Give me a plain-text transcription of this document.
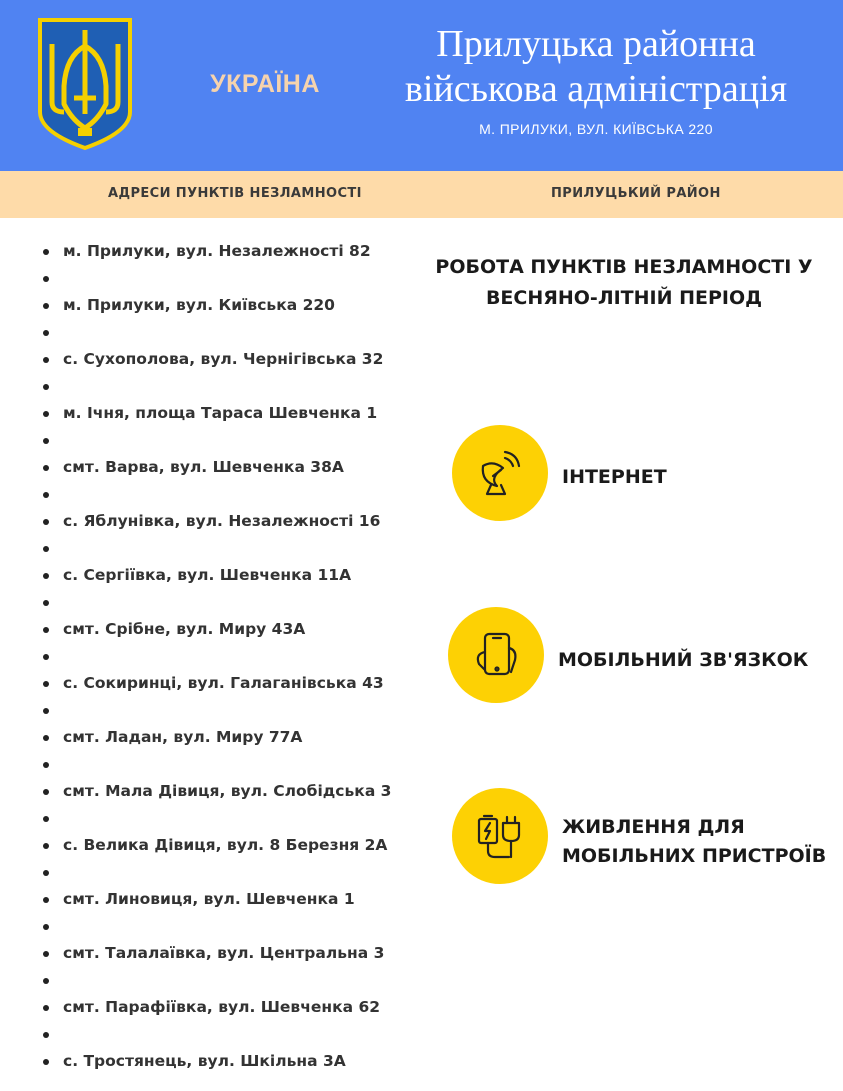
УКРАЇНА
Прилуцька районна
військова адміністрація
М. ПРИЛУКИ, ВУЛ. КИЇВСЬКА 220
АДРЕСИ ПУНКТІВ НЕЗЛАМНОСТІ	ПРИЛУЦЬКИЙ РАЙОН
м. Прилуки, вул. Незалежності 82
м. Прилуки, вул. Київська 220
с. Сухополова, вул. Чернігівська 32
м. Ічня, площа Тараса Шевченка 1
смт. Варва, вул. Шевченка 38А
с. Яблунівка, вул. Незалежності 16
с. Сергіївка, вул. Шевченка 11А
смт. Срібне, вул. Миру 43А
с. Сокиринці, вул. Галаганівська 43
смт. Ладан, вул. Миру 77А
смт. Мала Дівиця, вул. Слобідська 3
с. Велика Дівиця, вул. 8 Березня 2А
смт. Линовиця, вул. Шевченка 1
смт. Талалаївка, вул. Центральна 3
смт. Парафіївка, вул. Шевченка 62
с. Тростянець, вул. Шкільна 3А
РОБОТА ПУНКТІВ НЕЗЛАМНОСТІ У
ВЕСНЯНО-ЛІТНІЙ ПЕРІОД
ІНТЕРНЕТ
МОБІЛЬНИЙ ЗВ'ЯЗКОК
ЖИВЛЕННЯ ДЛЯ
МОБІЛЬНИХ ПРИСТРОЇВ
